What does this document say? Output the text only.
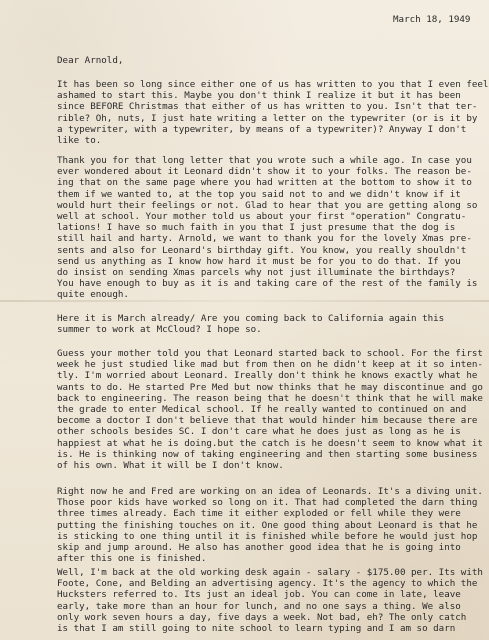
March 18, 1949
Dear Arnold,
It has been so long since either one of us has written to you that I even feel
ashamed to start this. Maybe you don't think I realize it but it has been
since BEFORE Christmas that either of us has written to you. Isn't that ter-
rible? Oh, nuts, I just hate writing a letter on the typewriter (or is it by
a typewriter, with a typewriter, by means of a typewriter)? Anyway I don't
like to.
Thank you for that long letter that you wrote such a while ago. In case you
ever wondered about it Leonard didn't show it to your folks. The reason be-
ing that on the same page where you had written at the bottom to show it to
them if we wanted to, at the top you said not to and we didn't know if it
would hurt their feelings or not. Glad to hear that you are getting along so
well at school. Your mother told us about your first "operation" Congratu-
lations! I have so much faith in you that I just presume that the dog is
still hail and harty. Arnold, we want to thank you for the lovely Xmas pre-
sents and also for Leonard's birthday gift. You know, you really shouldn't
send us anything as I know how hard it must be for you to do that. If you
do insist on sending Xmas parcels why not just illuminate the birthdays?
You have enough to buy as it is and taking care of the rest of the family is
quite enough.
Here it is March already/ Are you coming back to California again this
summer to work at McCloud? I hope so.
Guess your mother told you that Leonard started back to school. For the first
week he just studied like mad but from then on he didn't keep at it so inten-
tly. I'm worried about Leonard. Ireally don't think he knows exactly what he
wants to do. He started Pre Med but now thinks that he may discontinue and go
back to engineering. The reason being that he doesn't think that he will make
the grade to enter Medical school. If he really wanted to continued on and
become a doctor I don't believe that that would hinder him because there are
other schools besides SC. I don't care what he does just as long as he is
happiest at what he is doing.but the catch is he doesn't seem to know what it
is. He is thinking now of taking engineering and then starting some business
of his own. What it will be I don't know.
Right now he and Fred are working on an idea of Leonards. It's a diving unit.
Those poor kids have worked so long on it. That had completed the darn thing
three times already. Each time it either exploded or fell while they were
putting the finishing touches on it. One good thing about Leonard is that he
is sticking to one thing until it is finished while before he would just hop
skip and jump around. He also has another good idea that he is going into
after this one is finished.
Well, I'm back at the old working desk again - salary - $175.00 per. Its with
Foote, Cone, and Belding an advertising agency. It's the agency to which the
Hucksters referred to. Its just an ideal job. You can come in late, leave
early, take more than an hour for lunch, and no one says a thing. We also
only work seven hours a day, five days a week. Not bad, eh? The only catch
is that I am still going to nite school to learn typing and I am so darn
